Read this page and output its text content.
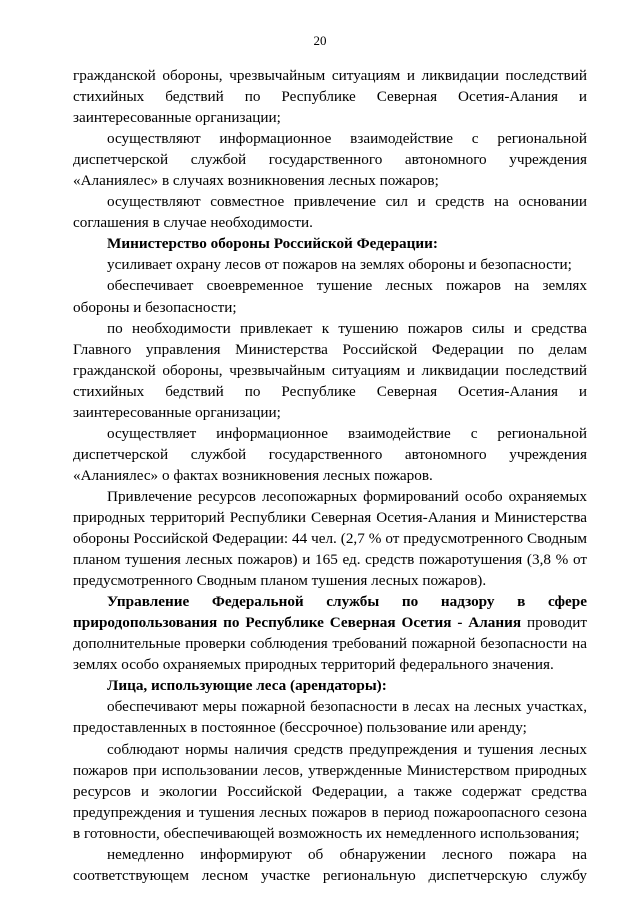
20

гражданской обороны, чрезвычайным ситуациям и ликвидации последствий стихийных бедствий по Республике Северная Осетия-Алания и заинтересованные организации;

осуществляют информационное взаимодействие с региональной диспетчерской службой государственного автономного учреждения «Аланиялес» в случаях возникновения лесных пожаров;

осуществляют совместное привлечение сил и средств на основании соглашения в случае необходимости.

Министерство обороны Российской Федерации:

усиливает охрану лесов от пожаров на землях обороны и безопасности;

обеспечивает своевременное тушение лесных пожаров на землях обороны и безопасности;

по необходимости привлекает к тушению пожаров силы и средства Главного управления Министерства Российской Федерации по делам гражданской обороны, чрезвычайным ситуациям и ликвидации последствий стихийных бедствий по Республике Северная Осетия-Алания и заинтересованные организации;

осуществляет информационное взаимодействие с региональной диспетчерской службой государственного автономного учреждения «Аланиялес» о фактах возникновения лесных пожаров.

Привлечение ресурсов лесопожарных формирований особо охраняемых природных территорий Республики Северная Осетия-Алания и Министерства обороны Российской Федерации: 44 чел. (2,7 % от предусмотренного Сводным планом тушения лесных пожаров) и 165 ед. средств пожаротушения (3,8 % от предусмотренного Сводным планом тушения лесных пожаров).

Управление Федеральной службы по надзору в сфере природопользования по Республике Северная Осетия - Алания проводит дополнительные проверки соблюдения требований пожарной безопасности на землях особо охраняемых природных территорий федерального значения.

Лица, использующие леса (арендаторы):

обеспечивают меры пожарной безопасности в лесах на лесных участках, предоставленных в постоянное (бессрочное) пользование или аренду;

соблюдают нормы наличия средств предупреждения и тушения лесных пожаров при использовании лесов, утвержденные Министерством природных ресурсов и экологии Российской Федерации, а также содержат средства предупреждения и тушения лесных пожаров в период пожароопасного сезона в готовности, обеспечивающей возможность их немедленного использования;

немедленно информируют об обнаружении лесного пожара на соответствующем лесном участке региональную диспетчерскую службу
